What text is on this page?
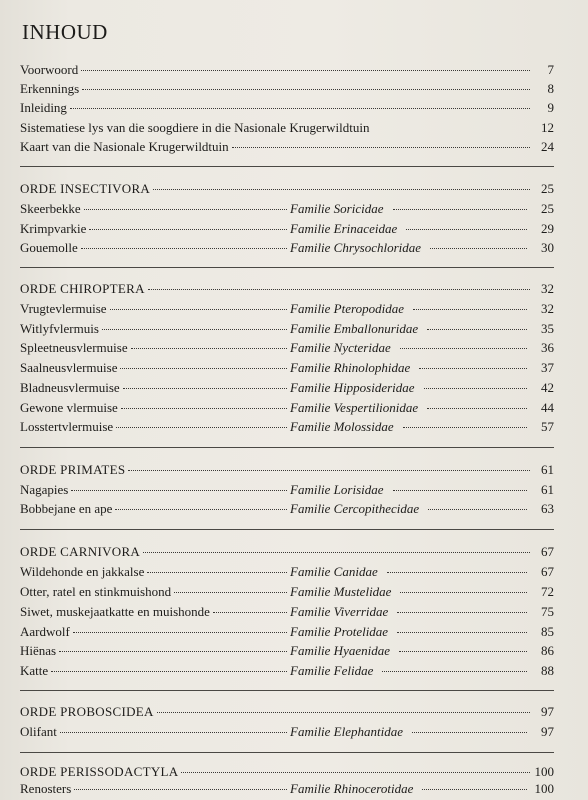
INHOUD
Voorwoord	7
Erkennings	8
Inleiding	9
Sistematiese lys van die soogdiere in die Nasionale Krugerwildtuin	12
Kaart van die Nasionale Krugerwildtuin	24
ORDE INSECTIVORA	25
Skeerbekke	Familie Soricidae	25
Krimpvarkie	Familie Erinaceidae	29
Gouemolle	Familie Chrysochloridae	30
ORDE CHIROPTERA	32
Vrugtevlermuise	Familie Pteropodidae	32
Witlyfvlermuis	Familie Emballonuridae	35
Spleetneusvlermuise	Familie Nycteridae	36
Saalneusvlermuise	Familie Rhinolophidae	37
Bladneusvlermuise	Familie Hipposideridae	42
Gewone vlermuise	Familie Vespertilionidae	44
Losstertvlermuise	Familie Molossidae	57
ORDE PRIMATES	61
Nagapies	Familie Lorisidae	61
Bobbejane en ape	Familie Cercopithecidae	63
ORDE CARNIVORA	67
Wildehonde en jakkalse	Familie Canidae	67
Otter, ratel en stinkmuishond	Familie Mustelidae	72
Siwet, muskejaatkatte en muishonde	Familie Viverridae	75
Aardwolf	Familie Protelidae	85
Hiënas	Familie Hyaenidae	86
Katte	Familie Felidae	88
ORDE PROBOSCIDEA	97
Olifant	Familie Elephantidae	97
ORDE PERISSODACTYLA	100
Renosters	Familie Rhinocerotidae	100
